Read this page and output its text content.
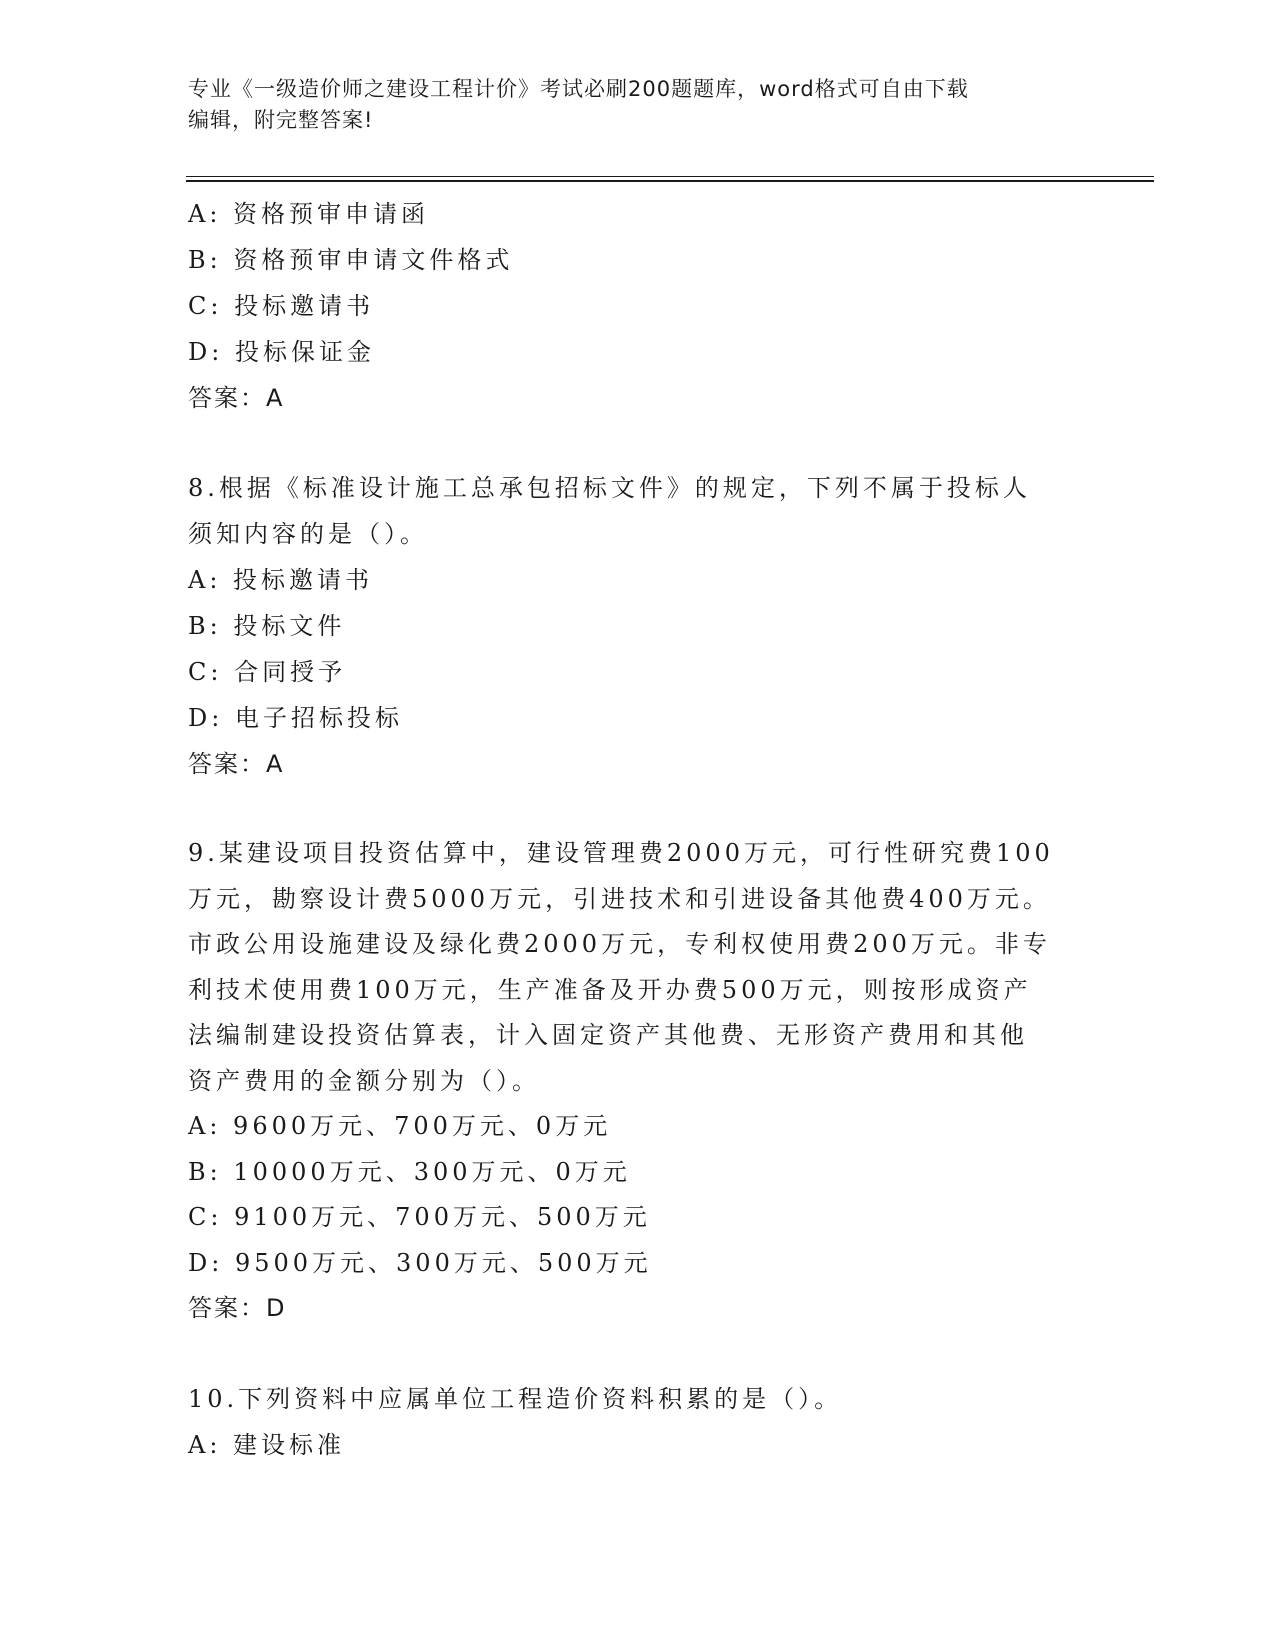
专业《一级造价师之建设工程计价》考试必刷200题题库，word格式可自由下载
编辑，附完整答案!
A: 资格预审申请函
B: 资格预审申请文件格式
C: 投标邀请书
D: 投标保证金
答案：A
8.根据《标准设计施工总承包招标文件》的规定，下列不属于投标人
须知内容的是（）。
A: 投标邀请书
B: 投标文件
C: 合同授予
D: 电子招标投标
答案：A
9.某建设项目投资估算中，建设管理费2000万元，可行性研究费100
万元，勘察设计费5000万元，引进技术和引进设备其他费400万元。
市政公用设施建设及绿化费2000万元，专利权使用费200万元。非专
利技术使用费100万元，生产准备及开办费500万元，则按形成资产
法编制建设投资估算表，计入固定资产其他费、无形资产费用和其他
资产费用的金额分别为（）。
A: 9600万元、700万元、0万元
B: 10000万元、300万元、0万元
C: 9100万元、700万元、500万元
D: 9500万元、300万元、500万元
答案：D
10.下列资料中应属单位工程造价资料积累的是（）。
A: 建设标准
